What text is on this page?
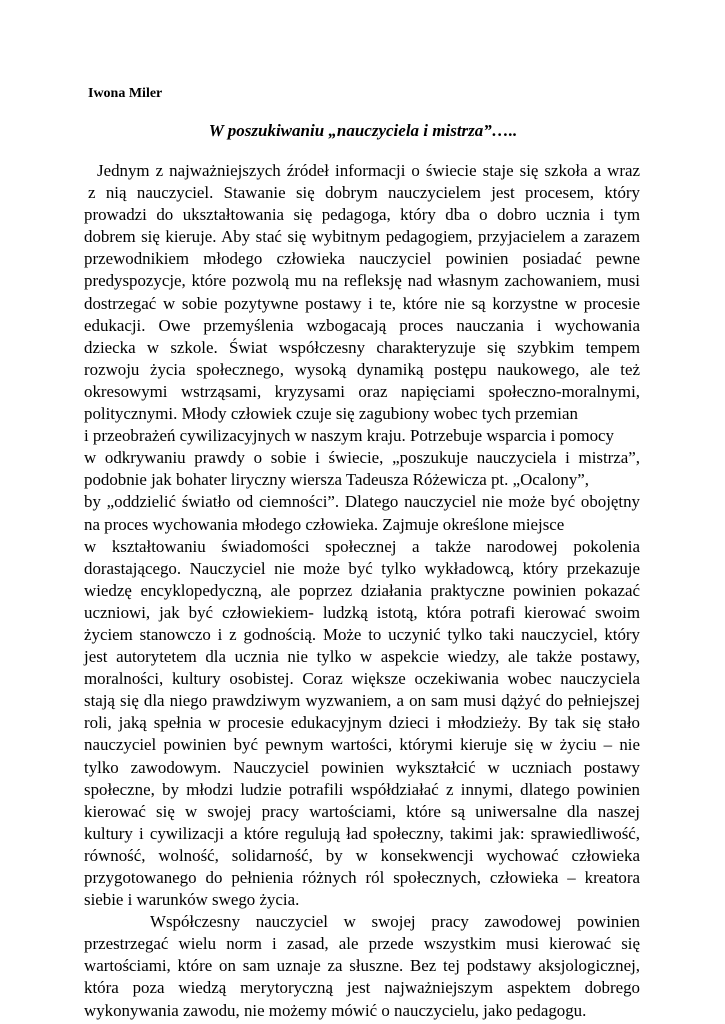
Iwona Miler

W poszukiwaniu „nauczyciela i mistrza”…..

Jednym z najważniejszych źródeł informacji o świecie staje się szkoła a wraz
z nią nauczyciel. Stawanie się dobrym nauczycielem jest procesem, który
prowadzi do ukształtowania się pedagoga, który dba o dobro ucznia i tym
dobrem się kieruje. Aby stać się wybitnym pedagogiem, przyjacielem a zarazem
przewodnikiem młodego człowieka nauczyciel powinien posiadać pewne
predyspozycje, które pozwolą mu na refleksję nad własnym zachowaniem, musi
dostrzegać w sobie pozytywne postawy i te, które nie są korzystne w procesie
edukacji. Owe przemyślenia wzbogacają proces nauczania i wychowania
dziecka w szkole. Świat współczesny charakteryzuje się szybkim tempem
rozwoju życia społecznego, wysoką dynamiką postępu naukowego, ale też
okresowymi wstrząsami, kryzysami oraz napięciami społeczno-moralnymi,
politycznymi. Młody człowiek czuje się zagubiony wobec tych przemian
i przeobrażeń cywilizacyjnych w naszym kraju. Potrzebuje wsparcia i pomocy
w odkrywaniu prawdy o sobie i świecie, „poszukuje nauczyciela i mistrza”,
podobnie jak bohater liryczny wiersza Tadeusza Różewicza pt. „Ocalony”,
by „oddzielić światło od ciemności”. Dlatego nauczyciel nie może być obojętny
na proces wychowania młodego człowieka. Zajmuje określone miejsce
w kształtowaniu świadomości społecznej a także narodowej pokolenia
dorastającego. Nauczyciel nie może być tylko wykładowcą, który przekazuje
wiedzę encyklopedyczną, ale poprzez działania praktyczne powinien pokazać
uczniowi, jak być człowiekiem- ludzką istotą, która potrafi kierować swoim
życiem stanowczo i z godnością. Może to uczynić tylko taki nauczyciel, który
jest autorytetem dla ucznia nie tylko w aspekcie wiedzy, ale także postawy,
moralności, kultury osobistej. Coraz większe oczekiwania wobec nauczyciela
stają się dla niego prawdziwym wyzwaniem, a on sam musi dążyć do pełniejszej
roli, jaką spełnia w procesie edukacyjnym dzieci i młodzieży. By tak się stało
nauczyciel powinien być pewnym wartości, którymi kieruje się w życiu – nie
tylko zawodowym. Nauczyciel powinien wykształcić w uczniach postawy
społeczne, by młodzi ludzie potrafili współdziałać z innymi, dlatego powinien
kierować się w swojej pracy wartościami, które są uniwersalne dla naszej
kultury i cywilizacji a które regulują ład społeczny, takimi jak: sprawiedliwość,
równość, wolność, solidarność, by w konsekwencji wychować człowieka
przygotowanego do pełnienia różnych ról społecznych, człowieka – kreatora
siebie i warunków swego życia.
Współczesny nauczyciel w swojej pracy zawodowej powinien
przestrzegać wielu norm i zasad, ale przede wszystkim musi kierować się
wartościami, które on sam uznaje za słuszne. Bez tej podstawy aksjologicznej,
która poza wiedzą merytoryczną jest najważniejszym aspektem dobrego
wykonywania zawodu, nie możemy mówić o nauczycielu, jako pedagogu.
